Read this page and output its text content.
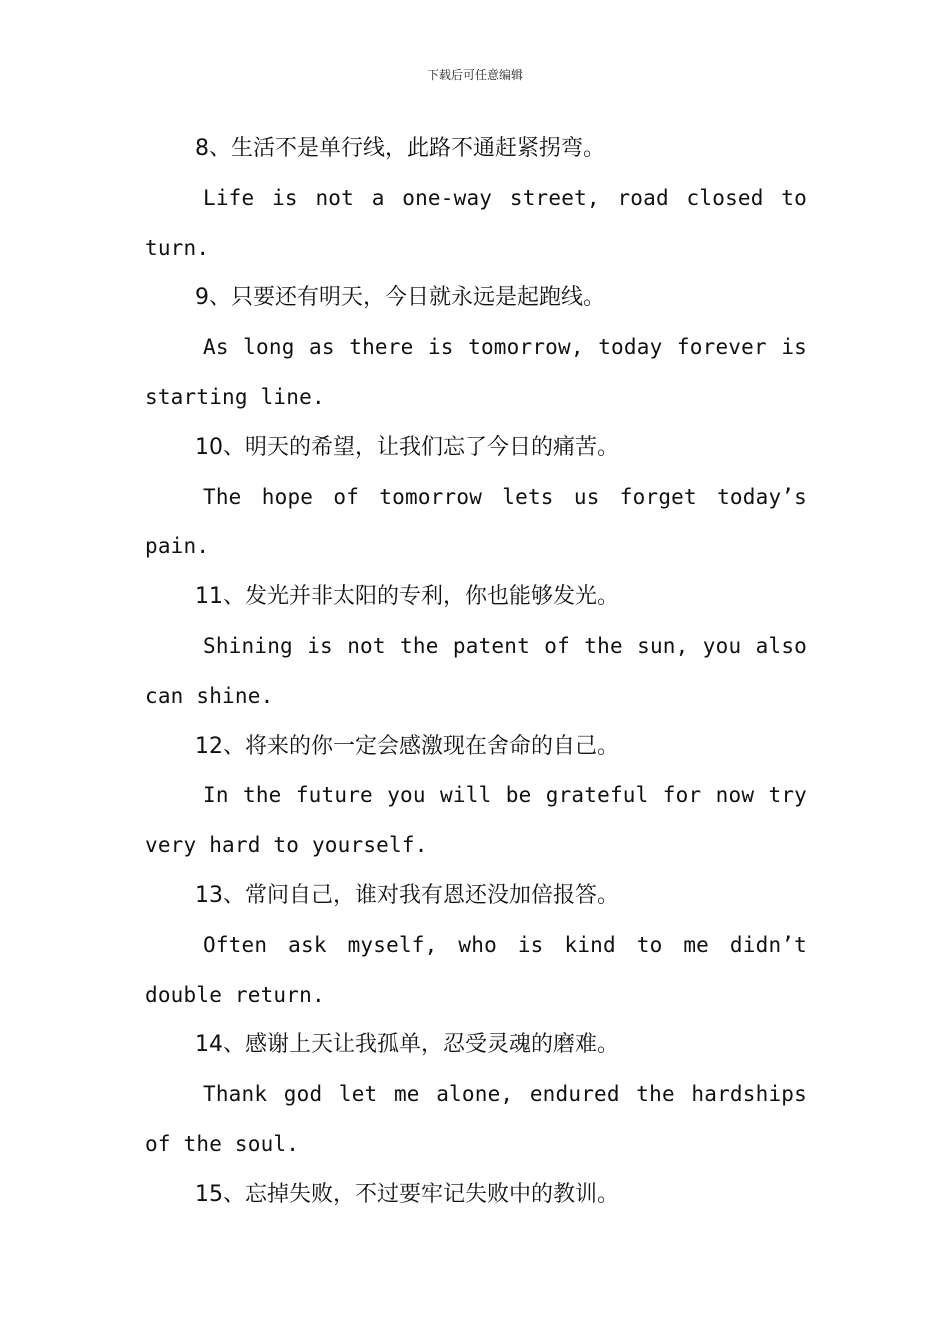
下载后可任意编辑
8、生活不是单行线，此路不通赶紧拐弯。
Life is not a one-way street, road closed to turn.
9、只要还有明天，今日就永远是起跑线。
As long as there is tomorrow, today forever is starting line.
10、明天的希望，让我们忘了今日的痛苦。
The hope of tomorrow lets us forget today’s pain.
11、发光并非太阳的专利，你也能够发光。
Shining is not the patent of the sun, you also can shine.
12、将来的你一定会感激现在舍命的自己。
In the future you will be grateful for now try very hard to yourself.
13、常问自己，谁对我有恩还没加倍报答。
Often ask myself, who is kind to me didn’t double return.
14、感谢上天让我孤单，忍受灵魂的磨难。
Thank god let me alone, endured the hardships of the soul.
15、忘掉失败，不过要牢记失败中的教训。
